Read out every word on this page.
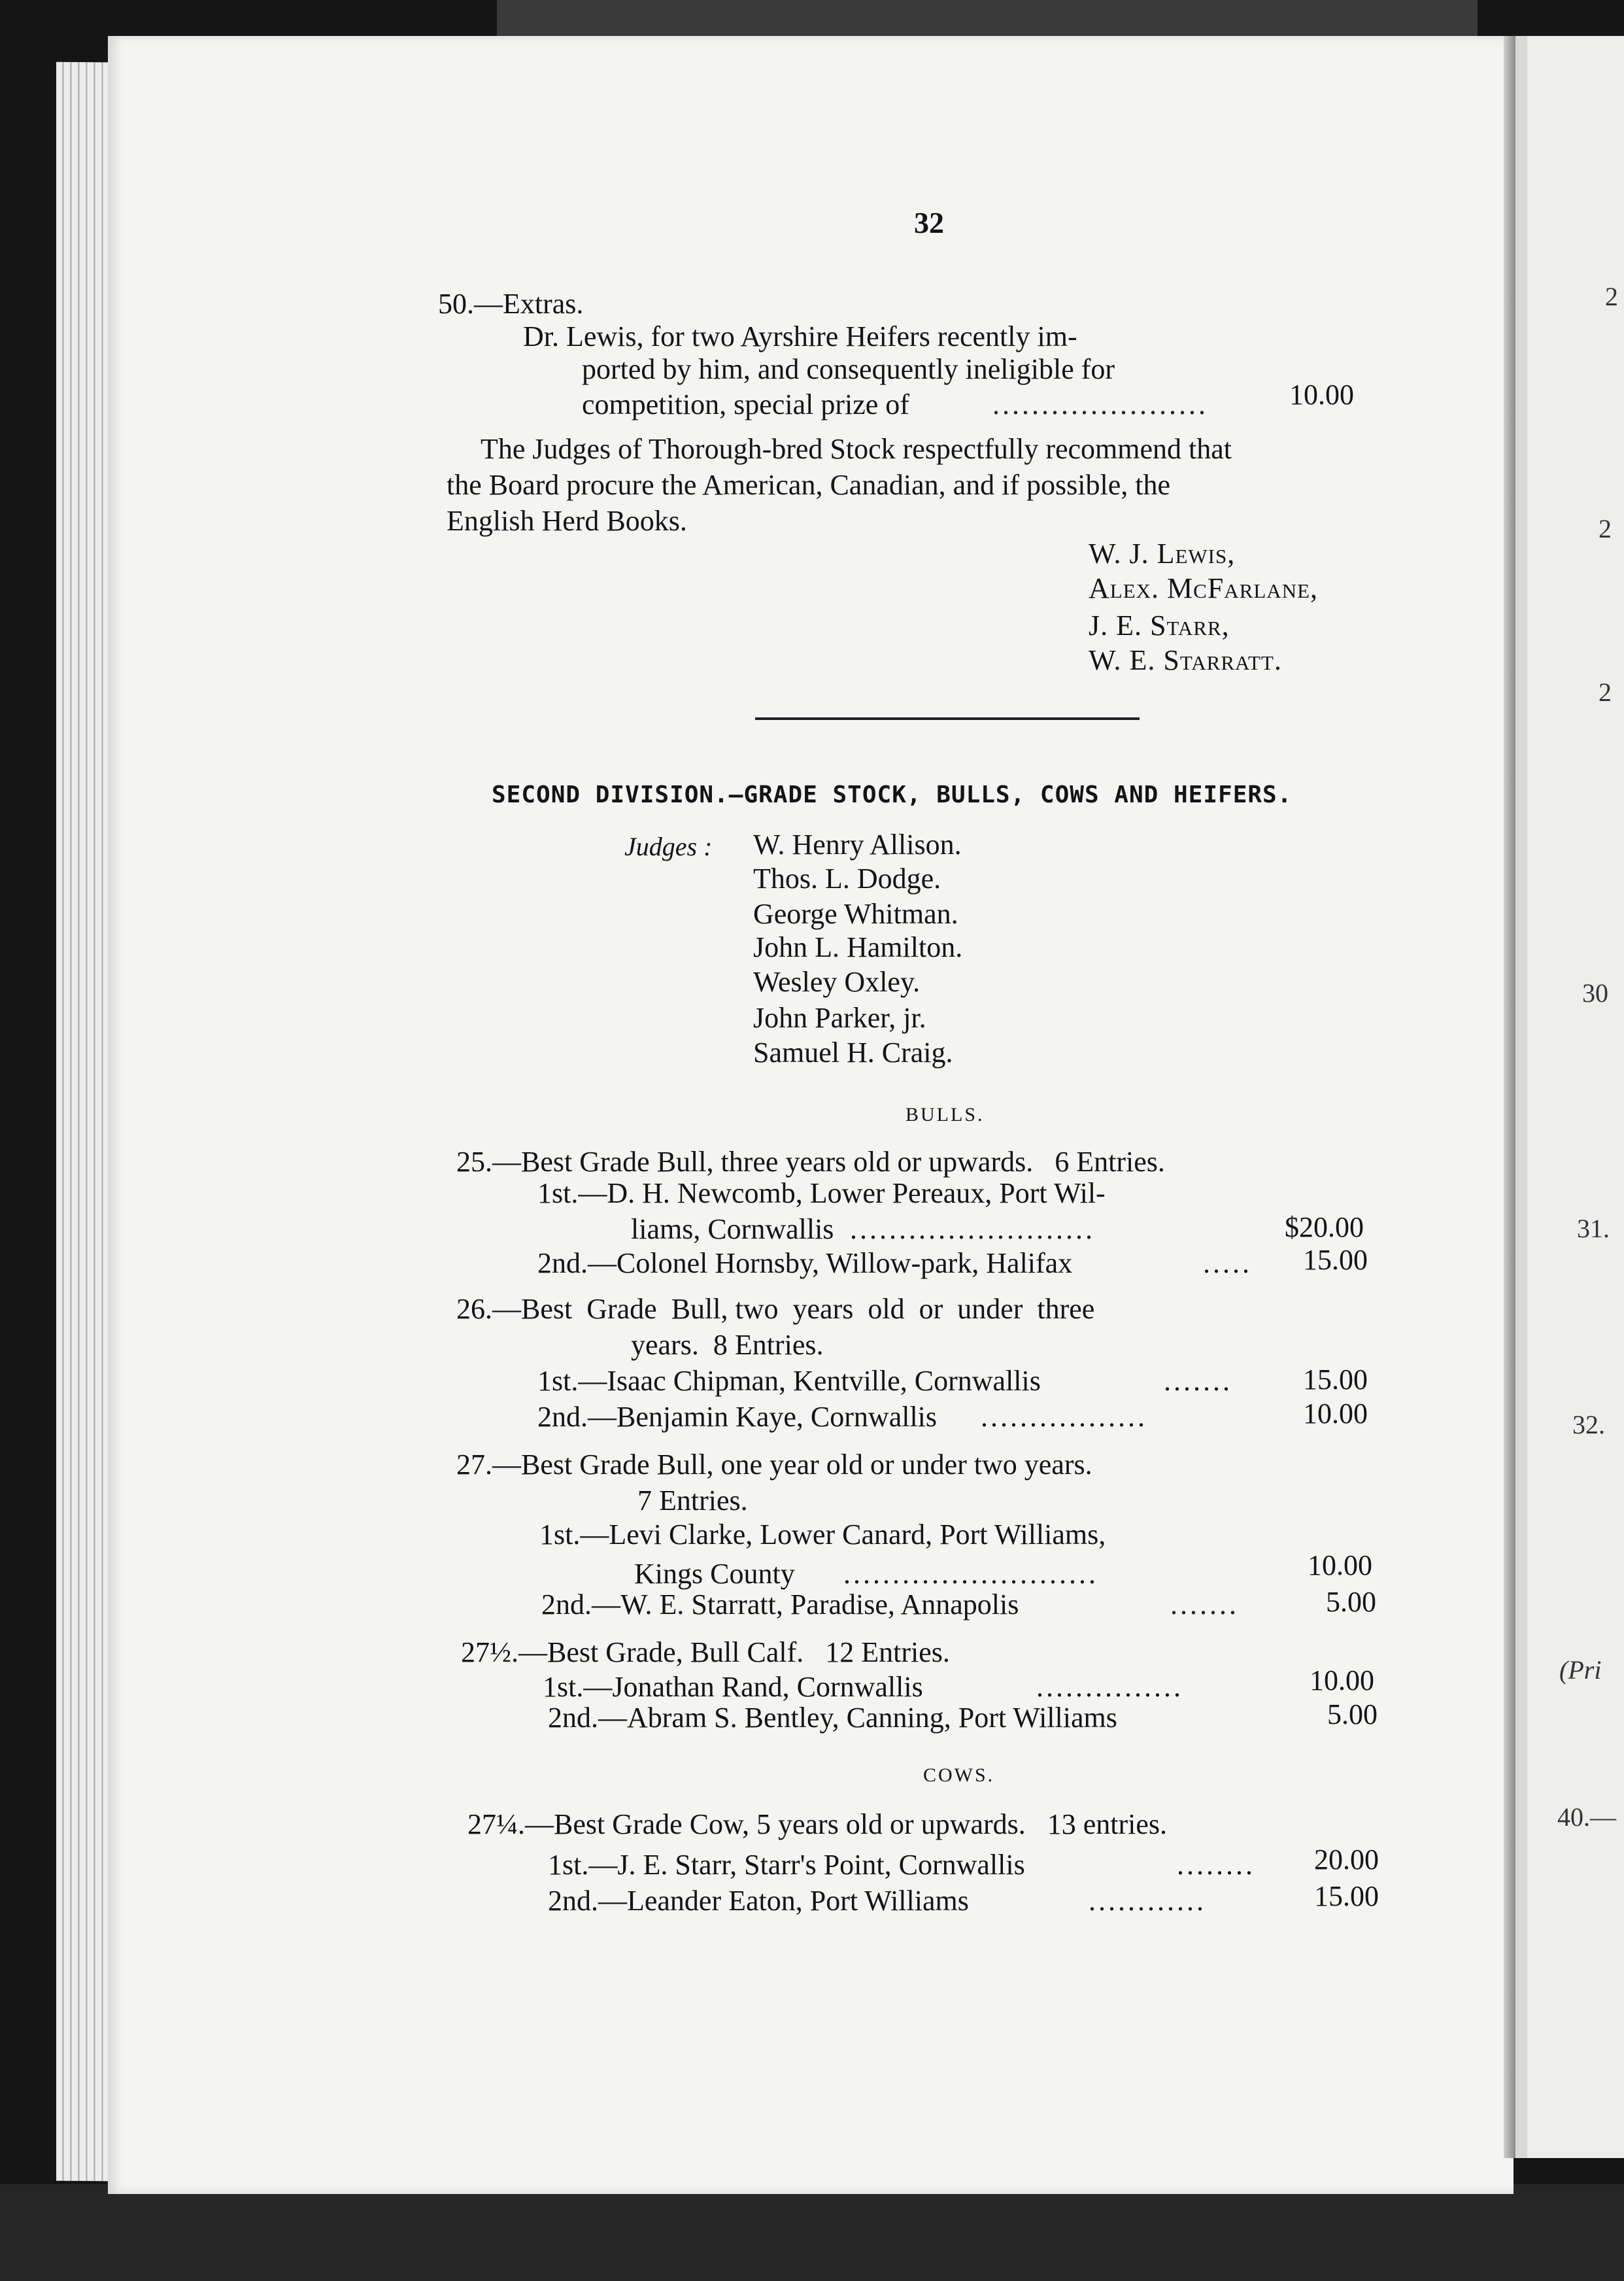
2
2
2
30
31.
32.
(Pri
40.—
32
50.—Extras.
Dr. Lewis, for two Ayrshire Heifers recently im-
ported by him, and consequently ineligible for
competition, special prize of	......................	10.00
The Judges of Thorough-bred Stock respectfully recommend that
the Board procure the American, Canadian, and if possible, the
English Herd Books.
W. J. Lewis,
Alex. McFarlane,
J. E. Starr,
W. E. Starratt.
SECOND DIVISION.—GRADE STOCK, BULLS, COWS AND HEIFERS.
Judges : W. Henry Allison.
Thos. L. Dodge.
George Whitman.
John L. Hamilton.
Wesley Oxley.
John Parker, jr.
Samuel H. Craig.
BULLS.
25.—Best Grade Bull, three years old or upwards.   6 Entries.
1st.—D. H. Newcomb, Lower Pereaux, Port Wil-
liams, Cornwallis .........................	$20.00
2nd.—Colonel Hornsby, Willow-park, Halifax	..... 15.00
26.—Best  Grade  Bull, two  years  old  or  under  three
years.  8 Entries.
1st.—Isaac Chipman, Kentville, Cornwallis	....... 15.00
2nd.—Benjamin Kaye, Cornwallis .................	10.00
27.—Best Grade Bull, one year old or under two years.
7 Entries.
1st.—Levi Clarke, Lower Canard, Port Williams,
Kings County ..........................	10.00
2nd.—W. E. Starratt, Paradise, Annapolis	.......	5.00
27½.—Best Grade, Bull Calf.   12 Entries.
1st.—Jonathan Rand, Cornwallis	...............	10.00
2nd.—Abram S. Bentley, Canning, Port Williams	5.00
COWS.
27¼.—Best Grade Cow, 5 years old or upwards.   13 entries.
1st.—J. E. Starr, Starr's Point, Cornwallis	........ 20.00
2nd.—Leander Eaton, Port Williams	............	15.00
